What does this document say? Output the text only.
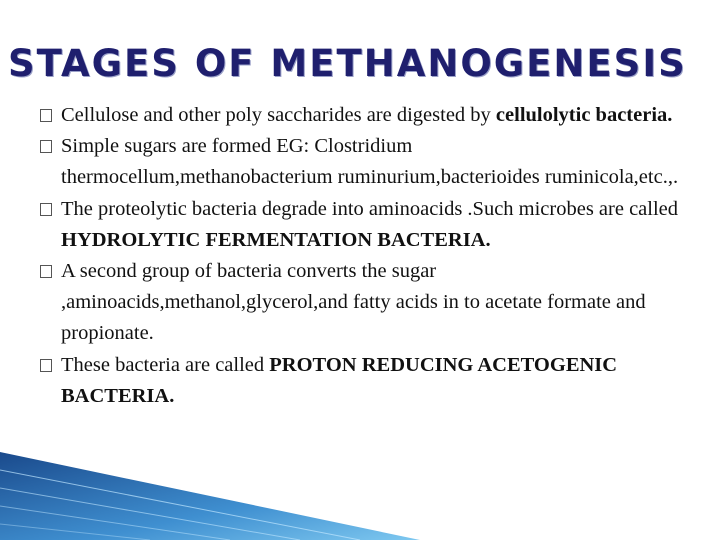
STAGES OF METHANOGENESIS
Cellulose and other poly saccharides are digested by cellulolytic bacteria.
Simple sugars are formed EG: Clostridium thermocellum,methanobacterium ruminurium,bacterioides ruminicola,etc.,.
The proteolytic bacteria degrade into aminoacids .Such microbes are called HYDROLYTIC FERMENTATION BACTERIA.
A second group of bacteria converts the sugar ,aminoacids,methanol,glycerol,and fatty acids in to acetate formate and propionate.
These bacteria are called PROTON REDUCING ACETOGENIC BACTERIA.
